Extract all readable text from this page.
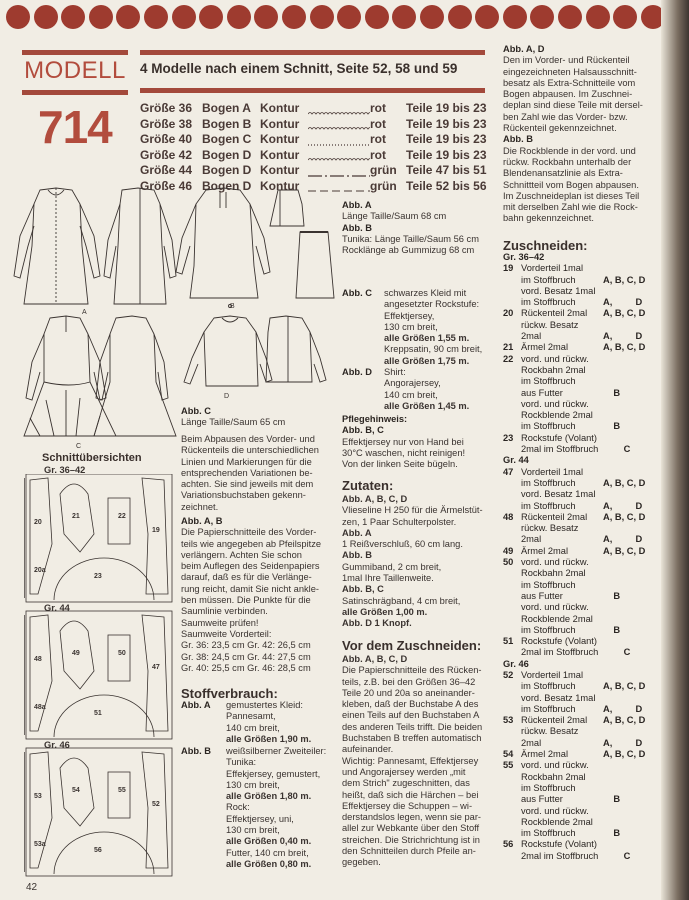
MODELL
714
4 Modelle nach einem Schnitt, Seite 52, 58 und 59
Größe 36 Bogen A Kontur	rot Teile 19 bis 23
Größe 38 Bogen B Kontur	rot Teile 19 bis 23
Größe 40 Bogen C Kontur	rot Teile 19 bis 23
Größe 42 Bogen D Kontur	rot Teile 19 bis 23
Größe 44 Bogen D Kontur	grün Teile 47 bis 51
Größe 46 Bogen D Kontur	grün Teile 52 bis 56
A
B
C
D
Schnittübersichten
Gr. 36–42
Gr. 44
Gr. 46
20
21	22
19
20a
23
48
49	50
47
48a
51
53
54	55
52
53a
56
Abb. C
Länge Taille/Saum 65 cm
Beim Abpausen des Vorder- und
Rückenteils die unterschiedlichen
Linien und Markierungen für die
entsprechenden Variationen be-
achten. Sie sind jeweils mit dem
Variationsbuchstaben gekenn-
zeichnet.
Abb. A, B
Die Papierschnitteile des Vorder-
teils wie angegeben ab Pfeilspitze
verlängern. Achten Sie schon
beim Auflegen des Seidenpapiers
darauf, daß es für die Verlänge-
rung reicht, damit Sie nicht ankle-
ben müssen. Die Punkte für die
Saumlinie verbinden.
Saumweite prüfen!
Saumweite Vorderteil:
Gr. 36: 23,5 cm Gr. 42: 26,5 cm
Gr. 38: 24,5 cm Gr. 44: 27,5 cm
Gr. 40: 25,5 cm Gr. 46: 28,5 cm
Stoffverbrauch:
Abb. A gemustertes Kleid:
Pannesamt,
140 cm breit,
alle Größen 1,90 m.
Abb. B weißsilberner Zweiteiler:
Tunika:
Effekjersey, gemustert,
130 cm breit,
alle Größen 1,80 m.
Rock:
Effektjersey, uni,
130 cm breit,
alle Größen 0,40 m.
Futter, 140 cm breit,
alle Größen 0,80 m.
Abb. A
Länge Taille/Saum 68 cm
Abb. B
Tunika: Länge Taille/Saum 56 cm
Rocklänge ab Gummizug 68 cm
Abb. C schwarzes Kleid mit
angesetzter Rockstufe:
Effektjersey,
130 cm breit,
alle Größen 1,55 m.
Kreppsatin, 90 cm breit,
alle Größen 1,75 m.
Abb. D Shirt:
Angorajersey,
140 cm breit,
alle Größen 1,45 m.
Pflegehinweis:
Abb. B, C
Effektjersey nur von Hand bei
30°C waschen, nicht reinigen!
Von der linken Seite bügeln.
Zutaten:
Abb. A, B, C, D
Vlieseline H 250 für die Ärmelstüt-
zen, 1 Paar Schulterpolster.
Abb. A
1 Reißverschluß, 60 cm lang.
Abb. B
Gummiband, 2 cm breit,
1mal Ihre Taillenweite.
Abb. B, C
Satinschrägband, 4 cm breit,
alle Größen 1,00 m.
Abb. D 1 Knopf.
Vor dem Zuschneiden:
Abb. A, B, C, D
Die Papierschnitteile des Rücken-
teils, z.B. bei den Größen 36–42
Teile 20 und 20a so aneinander-
kleben, daß der Buchstabe A des
einen Teils auf den Buchstaben A
des anderen Teils trifft. Die beiden
Buchstaben B treffen automatisch
aufeinander.
Wichtig: Pannesamt, Effektjersey
und Angorajersey werden „mit
dem Strich" zugeschnitten, das
heißt, daß sich die Härchen – bei
Effektjersey die Schuppen – wi-
derstandslos legen, wenn sie par-
allel zur Webkante über den Stoff
streichen. Die Strichrichtung ist in
den Schnitteilen durch Pfeile an-
gegeben.
Abb. A, D
Den im Vorder- und Rückenteil
eingezeichneten Halsausschnitt-
besatz als Extra-Schnitteile vom
Bogen abpausen. Im Zuschnei-
deplan sind diese Teile mit dersel-
ben Zahl wie das Vorder- bzw.
Rückenteil gekennzeichnet.
Abb. B
Die Rockblende in der vord. und
rückw. Rockbahn unterhalb der
Blendenansatzlinie als Extra-
Schnittteil vom Bogen abpausen.
Im Zuschneideplan ist dieses Teil
mit derselben Zahl wie die Rock-
bahn gekennzeichnet.
Zuschneiden:
Gr. 36–42
19 Vorderteil 1mal
im Stoffbruch	A, B, C, D
vord. Besatz 1mal
im Stoffbruch	A,         D
20 Rückenteil 2mal A, B, C, D
rückw. Besatz
2mal	A,         D
21 Ärmel 2mal	A, B, C, D
22 vord. und rückw.
Rockbahn 2mal
im Stoffbruch
aus Futter	B
vord. und rückw.
Rockblende 2mal
im Stoffbruch	B
23 Rockstufe (Volant)
2mal im Stoffbruch C
Gr. 44
47 Vorderteil 1mal
im Stoffbruch	A, B, C, D
vord. Besatz 1mal
im Stoffbruch	A,         D
48 Rückenteil 2mal A, B, C, D
rückw. Besatz
2mal	A,         D
49 Ärmel 2mal	A, B, C, D
50 vord. und rückw.
Rockbahn 2mal
im Stoffbruch
aus Futter	B
vord. und rückw.
Rockblende 2mal
im Stoffbruch	B
51 Rockstufe (Volant)
2mal im Stoffbruch C
Gr. 46
52 Vorderteil 1mal
im Stoffbruch	A, B, C, D
vord. Besatz 1mal
im Stoffbruch	A,         D
53 Rückenteil 2mal A, B, C, D
rückw. Besatz
2mal	A,         D
54 Ärmel 2mal	A, B, C, D
55 vord. und rückw.
Rockbahn 2mal
im Stoffbruch
aus Futter	B
vord. und rückw.
Rockblende 2mal
im Stoffbruch	B
56 Rockstufe (Volant)
2mal im Stoffbruch C
42
